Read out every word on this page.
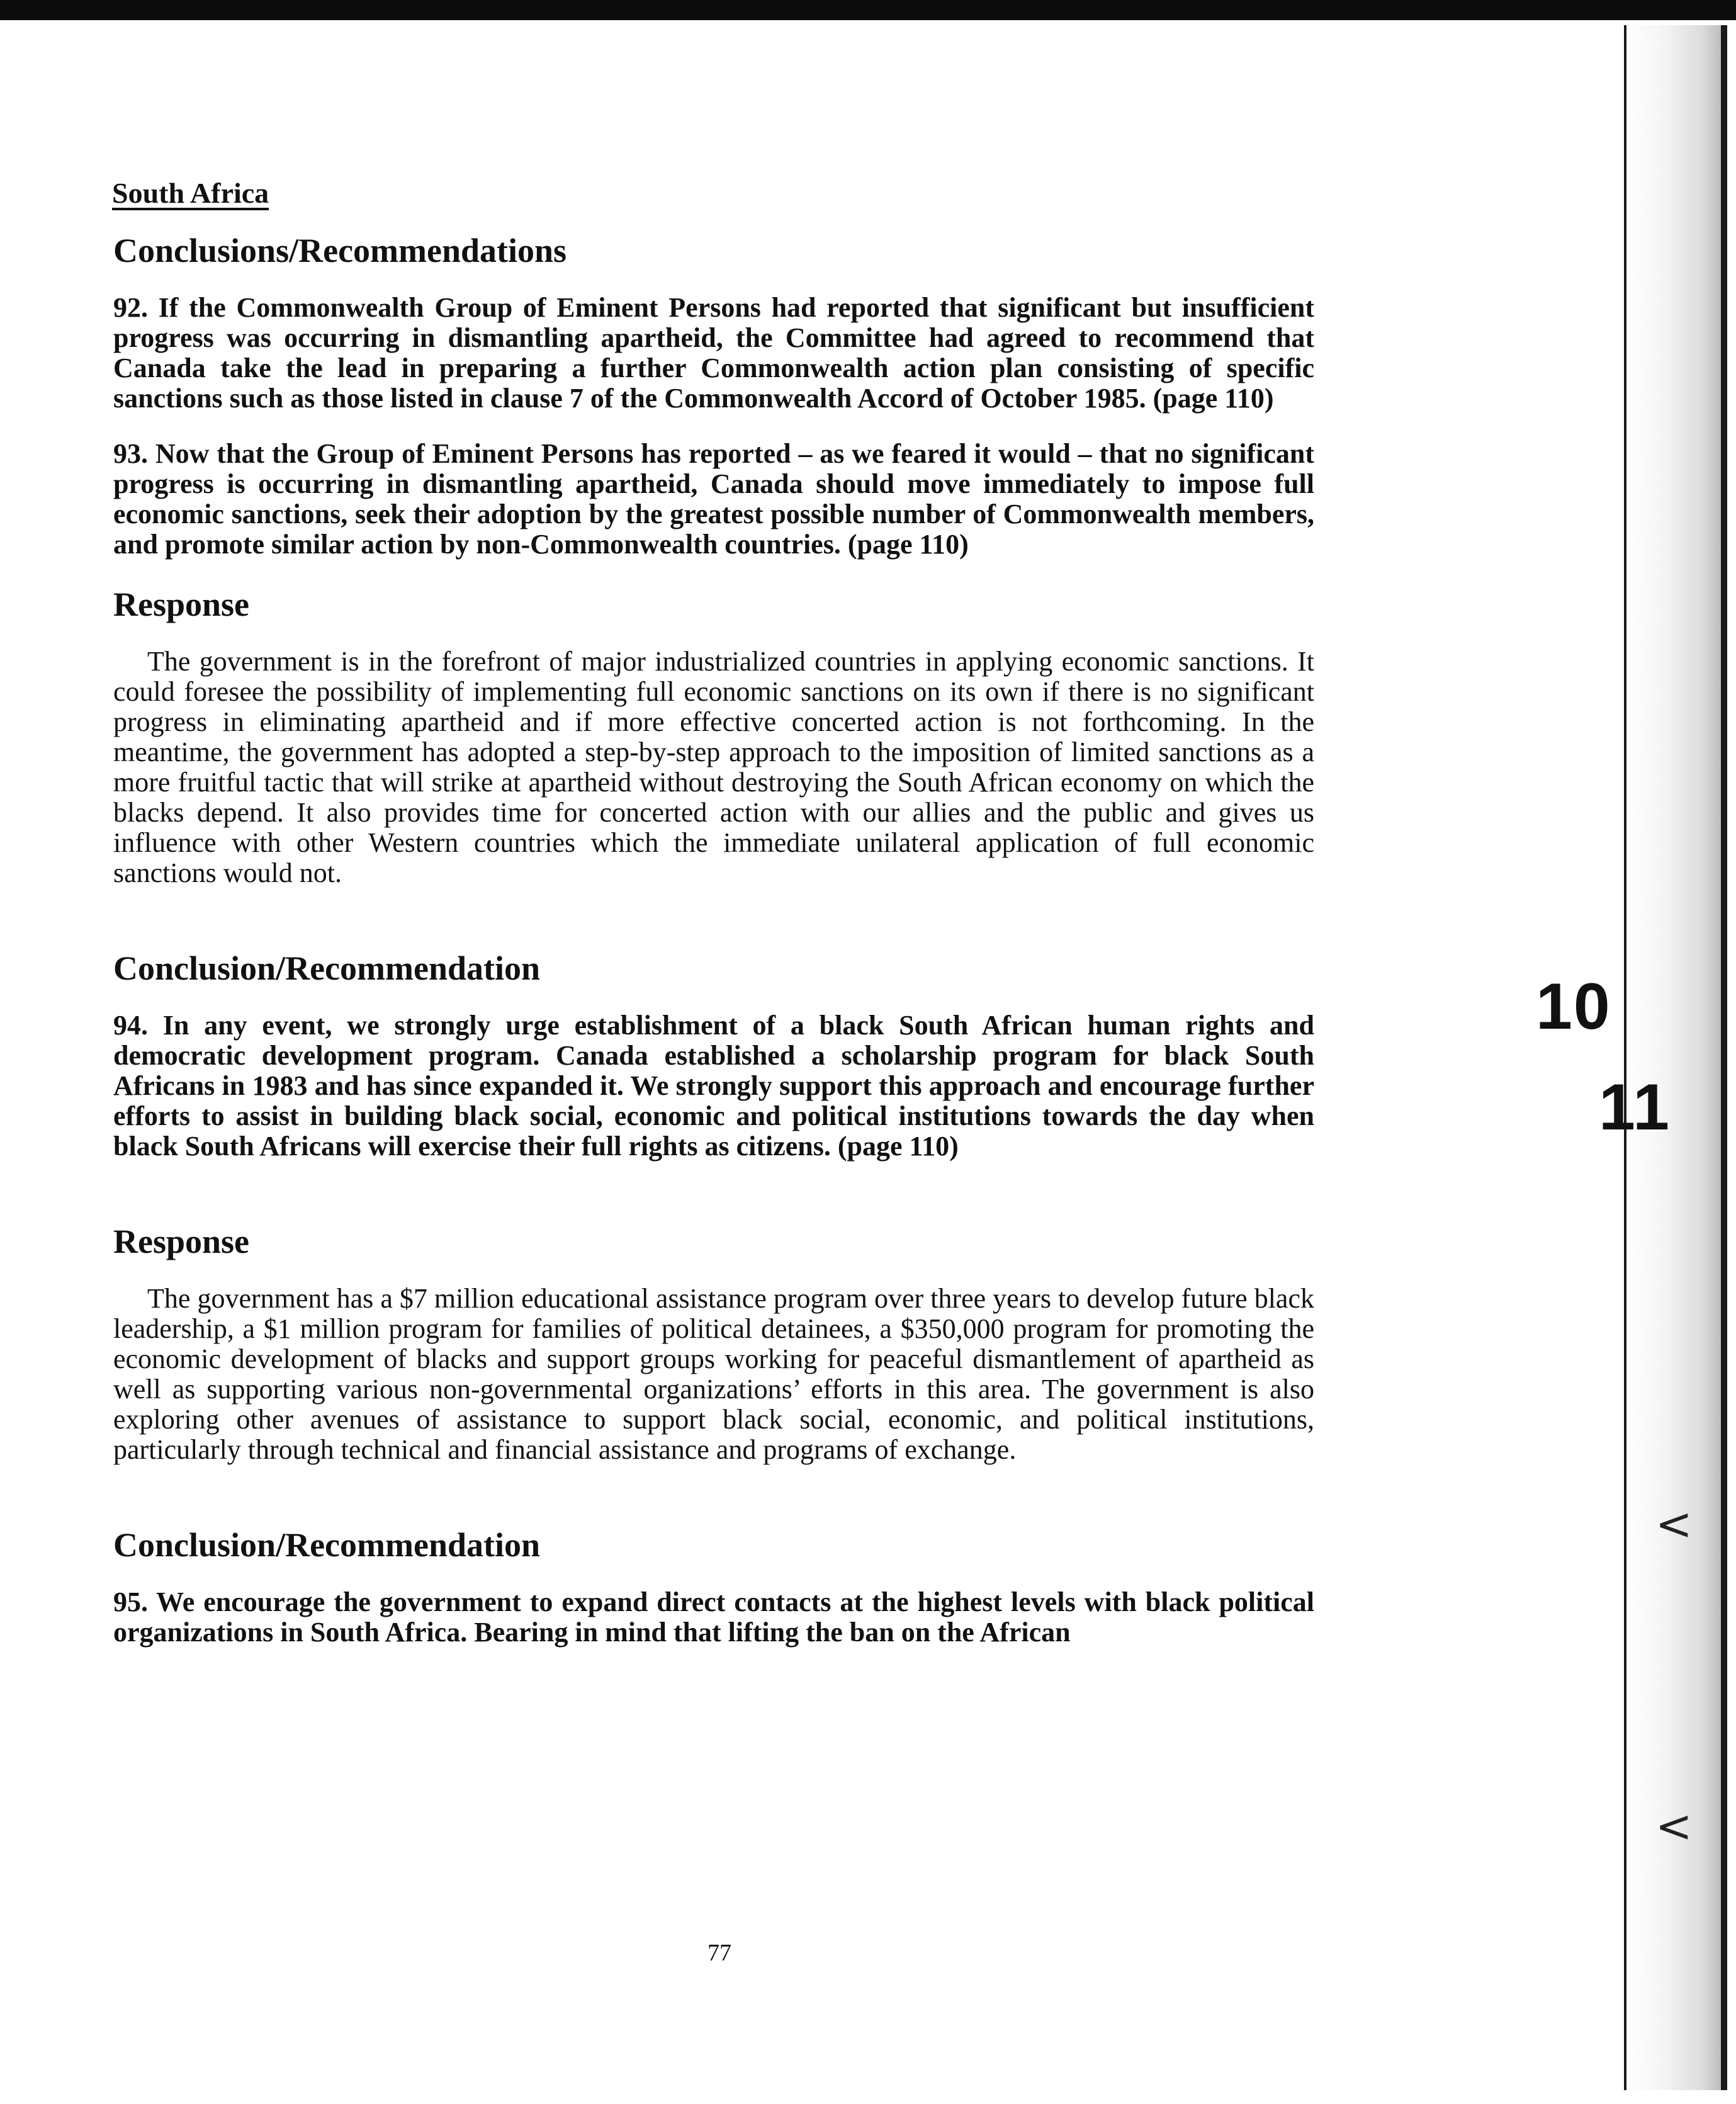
<
<
10
11
South Africa
Conclusions/Recommendations

92. If the Commonwealth Group of Eminent Persons had reported that significant but insufficient progress was occurring in dismantling apartheid, the Committee had agreed to recommend that Canada take the lead in preparing a further Commonwealth action plan consisting of specific sanctions such as those listed in clause 7 of the Commonwealth Accord of October 1985. (page 110)

93. Now that the Group of Eminent Persons has reported – as we feared it would – that no significant progress is occurring in dismantling apartheid, Canada should move immediately to impose full economic sanctions, seek their adoption by the greatest possible number of Commonwealth members, and promote similar action by non-Commonwealth countries. (page 110)

Response

The government is in the forefront of major industrialized countries in applying economic sanctions. It could foresee the possibility of implementing full economic sanctions on its own if there is no significant progress in eliminating apartheid and if more effective concerted action is not forthcoming. In the meantime, the government has adopted a step-by-step approach to the imposition of limited sanctions as a more fruitful tactic that will strike at apartheid without destroying the South African economy on which the blacks depend. It also provides time for concerted action with our allies and the public and gives us influence with other Western countries which the immediate unilateral application of full economic sanctions would not.

Conclusion/Recommendation

94. In any event, we strongly urge establishment of a black South African human rights and democratic development program. Canada established a scholarship program for black South Africans in 1983 and has since expanded it. We strongly support this approach and encourage further efforts to assist in building black social, economic and political institutions towards the day when black South Africans will exercise their full rights as citizens. (page 110)

Response

The government has a $7 million educational assistance program over three years to develop future black leadership, a $1 million program for families of political detainees, a $350,000 program for promoting the economic development of blacks and support groups working for peaceful dismantlement of apartheid as well as supporting various non-governmental organizations’ efforts in this area. The government is also exploring other avenues of assistance to support black social, economic, and political institutions, particularly through technical and financial assistance and programs of exchange.

Conclusion/Recommendation

95. We encourage the government to expand direct contacts at the highest levels with black political organizations in South Africa. Bearing in mind that lifting the ban on the African

77
